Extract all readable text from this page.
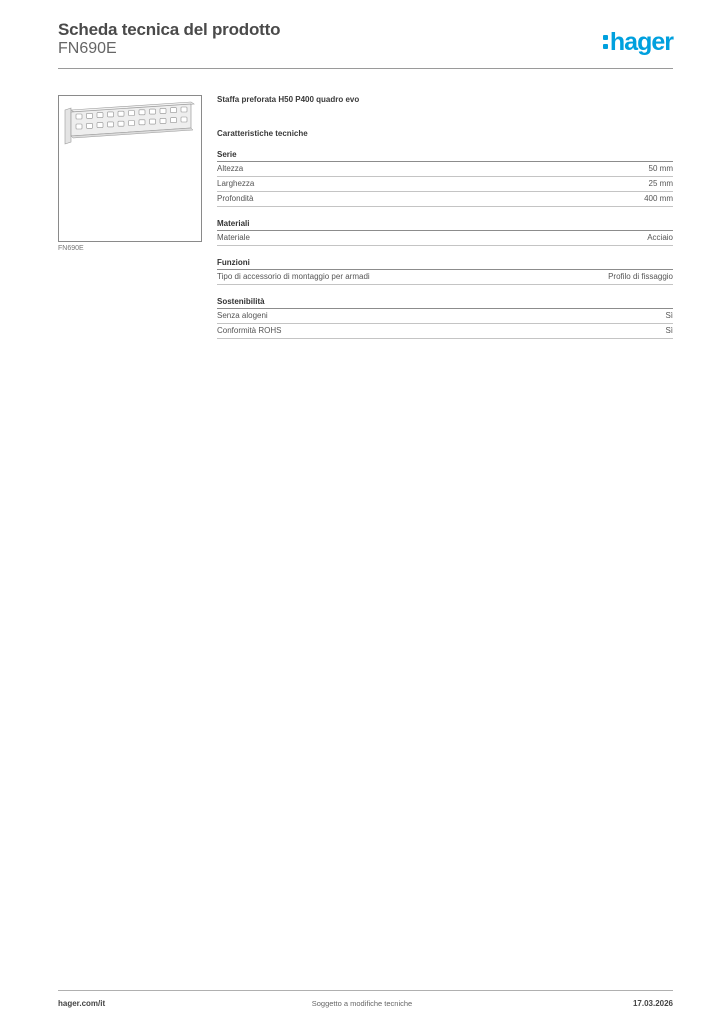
Scheda tecnica del prodotto
FN690E	hager
FN690E
Staffa preforata H50 P400 quadro evo
Caratteristiche tecniche
Serie
Altezza	50 mm
Larghezza	25 mm
Profondità	400 mm
Materiali
Materiale	Acciaio
Funzioni
Tipo di accessorio di montaggio per armadi	Profilo di fissaggio
Sostenibilità
Senza alogeni	Sì
Conformità ROHS	Sì
hager.com/it	Soggetto a modifiche tecniche	17.03.2026
